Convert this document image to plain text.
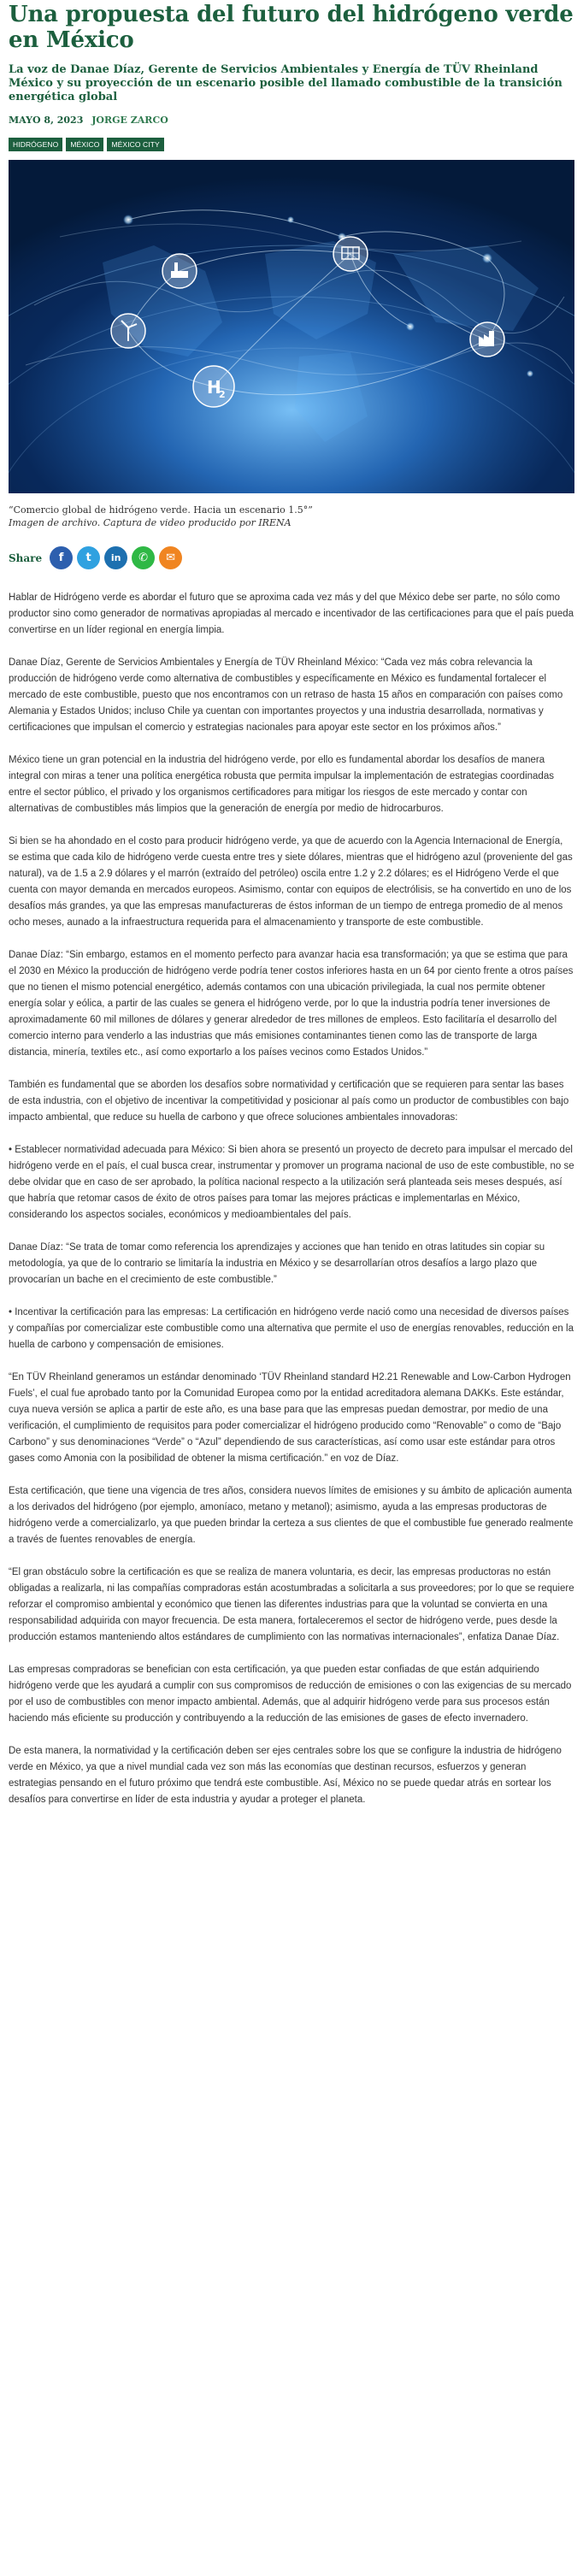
Una propuesta del futuro del hidrógeno verde en México
La voz de Danae Díaz, Gerente de Servicios Ambientales y Energía de TÜV Rheinland México y su proyección de un escenario posible del llamado combustible de la transición energética global
MAYO 8, 2023 JORGE ZARCO
HIDRÓGENO	MÉXICO	MÉXICO CITY
H
2

“Comercio global de hidrógeno verde. Hacia un escenario 1.5°”

Imagen de archivo. Captura de video producido por IRENA

Share	f	t	in	✆	✉

Hablar de Hidrógeno verde es abordar el futuro que se aproxima cada vez más y del que México debe ser parte, no sólo como productor sino como generador de normativas apropiadas al mercado e incentivador de las certificaciones para que el país pueda convertirse en un líder regional en energía limpia.

Danae Díaz, Gerente de Servicios Ambientales y Energía de TÜV Rheinland México: “Cada vez más cobra relevancia la producción de hidrógeno verde como alternativa de combustibles y específicamente en México es fundamental fortalecer el mercado de este combustible, puesto que nos encontramos con un retraso de hasta 15 años en comparación con países como Alemania y Estados Unidos; incluso Chile ya cuentan con importantes proyectos y una industria desarrollada, normativas y certificaciones que impulsan el comercio y estrategias nacionales para apoyar este sector en los próximos años.”

México tiene un gran potencial en la industria del hidrógeno verde, por ello es fundamental abordar los desafíos de manera integral con miras a tener una política energética robusta que permita impulsar la implementación de estrategias coordinadas entre el sector público, el privado y los organismos certificadores para mitigar los riesgos de este mercado y contar con alternativas de combustibles más limpios que la generación de energía por medio de hidrocarburos.

Si bien se ha ahondado en el costo para producir hidrógeno verde, ya que de acuerdo con la Agencia Internacional de Energía, se estima que cada kilo de hidrógeno verde cuesta entre tres y siete dólares, mientras que el hidrógeno azul (proveniente del gas natural), va de 1.5 a 2.9 dólares y el marrón (extraído del petróleo) oscila entre 1.2 y 2.2 dólares; es el Hidrógeno Verde el que cuenta con mayor demanda en mercados europeos. Asimismo, contar con equipos de electrólisis, se ha convertido en uno de los desafíos más grandes, ya que las empresas manufactureras de éstos informan de un tiempo de entrega promedio de al menos ocho meses, aunado a la infraestructura requerida para el almacenamiento y transporte de este combustible.

Danae Díaz: “Sin embargo, estamos en el momento perfecto para avanzar hacia esa transformación; ya que se estima que para el 2030 en México la producción de hidrógeno verde podría tener costos inferiores hasta en un 64 por ciento frente a otros países que no tienen el mismo potencial energético, además contamos con una ubicación privilegiada, la cual nos permite obtener energía solar y eólica, a partir de las cuales se genera el hidrógeno verde, por lo que la industria podría tener inversiones de aproximadamente 60 mil millones de dólares y generar alrededor de tres millones de empleos. Esto facilitaría el desarrollo del comercio interno para venderlo a las industrias que más emisiones contaminantes tienen como las de transporte de larga distancia, minería, textiles etc., así como exportarlo a los países vecinos como Estados Unidos.”

También es fundamental que se aborden los desafíos sobre normatividad y certificación que se requieren para sentar las bases de esta industria, con el objetivo de incentivar la competitividad y posicionar al país como un productor de combustibles con bajo impacto ambiental, que reduce su huella de carbono y que ofrece soluciones ambientales innovadoras:

• Establecer normatividad adecuada para México: Si bien ahora se presentó un proyecto de decreto para impulsar el mercado del hidrógeno verde en el país, el cual busca crear, instrumentar y promover un programa nacional de uso de este combustible, no se debe olvidar que en caso de ser aprobado, la política nacional respecto a la utilización será planteada seis meses después, así que habría que retomar casos de éxito de otros países para tomar las mejores prácticas e implementarlas en México, considerando los aspectos sociales, económicos y medioambientales del país.

Danae Díaz: “Se trata de tomar como referencia los aprendizajes y acciones que han tenido en otras latitudes sin copiar su metodología, ya que de lo contrario se limitaría la industria en México y se desarrollarían otros desafíos a largo plazo que provocarían un bache en el crecimiento de este combustible.”

• Incentivar la certificación para las empresas: La certificación en hidrógeno verde nació como una necesidad de diversos países y compañías por comercializar este combustible como una alternativa que permite el uso de energías renovables, reducción en la huella de carbono y compensación de emisiones.

“En TÜV Rheinland generamos un estándar denominado ‘TÜV Rheinland standard H2.21 Renewable and Low-Carbon Hydrogen Fuels’, el cual fue aprobado tanto por la Comunidad Europea como por la entidad acreditadora alemana DAKKs. Este estándar, cuya nueva versión se aplica a partir de este año, es una base para que las empresas puedan demostrar, por medio de una verificación, el cumplimiento de requisitos para poder comercializar el hidrógeno producido como “Renovable” o como de “Bajo Carbono” y sus denominaciones “Verde” o “Azul” dependiendo de sus características, así como usar este estándar para otros gases como Amonia con la posibilidad de obtener la misma certificación.” en voz de Díaz.

Esta certificación, que tiene una vigencia de tres años, considera nuevos límites de emisiones y su ámbito de aplicación aumenta a los derivados del hidrógeno (por ejemplo, amoníaco, metano y metanol); asimismo, ayuda a las empresas productoras de hidrógeno verde a comercializarlo, ya que pueden brindar la certeza a sus clientes de que el combustible fue generado realmente a través de fuentes renovables de energía.

“El gran obstáculo sobre la certificación es que se realiza de manera voluntaria, es decir, las empresas productoras no están obligadas a realizarla, ni las compañías compradoras están acostumbradas a solicitarla a sus proveedores; por lo que se requiere reforzar el compromiso ambiental y económico que tienen las diferentes industrias para que la voluntad se convierta en una responsabilidad adquirida con mayor frecuencia. De esta manera, fortaleceremos el sector de hidrógeno verde, pues desde la producción estamos manteniendo altos estándares de cumplimiento con las normativas internacionales”, enfatiza Danae Díaz.

Las empresas compradoras se benefician con esta certificación, ya que pueden estar confiadas de que están adquiriendo hidrógeno verde que les ayudará a cumplir con sus compromisos de reducción de emisiones o con las exigencias de su mercado por el uso de combustibles con menor impacto ambiental. Además, que al adquirir hidrógeno verde para sus procesos están haciendo más eficiente su producción y contribuyendo a la reducción de las emisiones de gases de efecto invernadero.

De esta manera, la normatividad y la certificación deben ser ejes centrales sobre los que se configure la industria de hidrógeno verde en México, ya que a nivel mundial cada vez son más las economías que destinan recursos, esfuerzos y generan estrategias pensando en el futuro próximo que tendrá este combustible. Así, México no se puede quedar atrás en sortear los desafíos para convertirse en líder de esta industria y ayudar a proteger el planeta.
